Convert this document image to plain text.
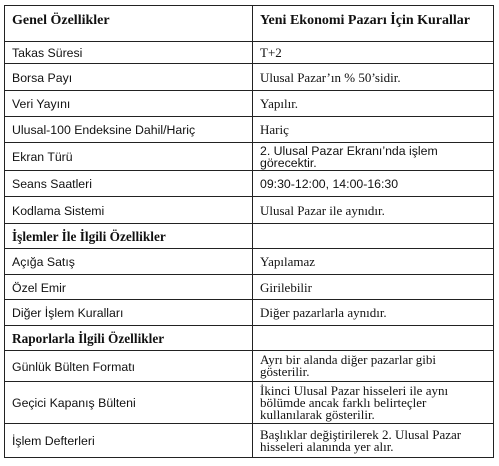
Genel Özellikler	Yeni Ekonomi Pazarı İçin Kurallar
Takas Süresi	T+2
Borsa Payı	Ulusal Pazar’ın % 50’sidir.
Veri Yayını	Yapılır.
Ulusal-100 Endeksine Dahil/Hariç	Hariç
Ekran Türü	2. Ulusal Pazar Ekranı’nda işlem görecektir.
Seans Saatleri	09:30-12:00, 14:00-16:30
Kodlama Sistemi	Ulusal Pazar ile aynıdır.
İşlemler İle İlgili Özellikler	
Açığa Satış	Yapılamaz
Özel Emir	Girilebilir
Diğer İşlem Kuralları	Diğer pazarlarla aynıdır.
Raporlarla İlgili Özellikler	
Günlük Bülten Formatı	Ayrı bir alanda diğer pazarlar gibi gösterilir.
Geçici Kapanış Bülteni	İkinci Ulusal Pazar hisseleri ile aynı bölümde ancak farklı belirteçler kullanılarak gösterilir.
İşlem Defterleri	Başlıklar değiştirilerek 2. Ulusal Pazar hisseleri alanında yer alır.
